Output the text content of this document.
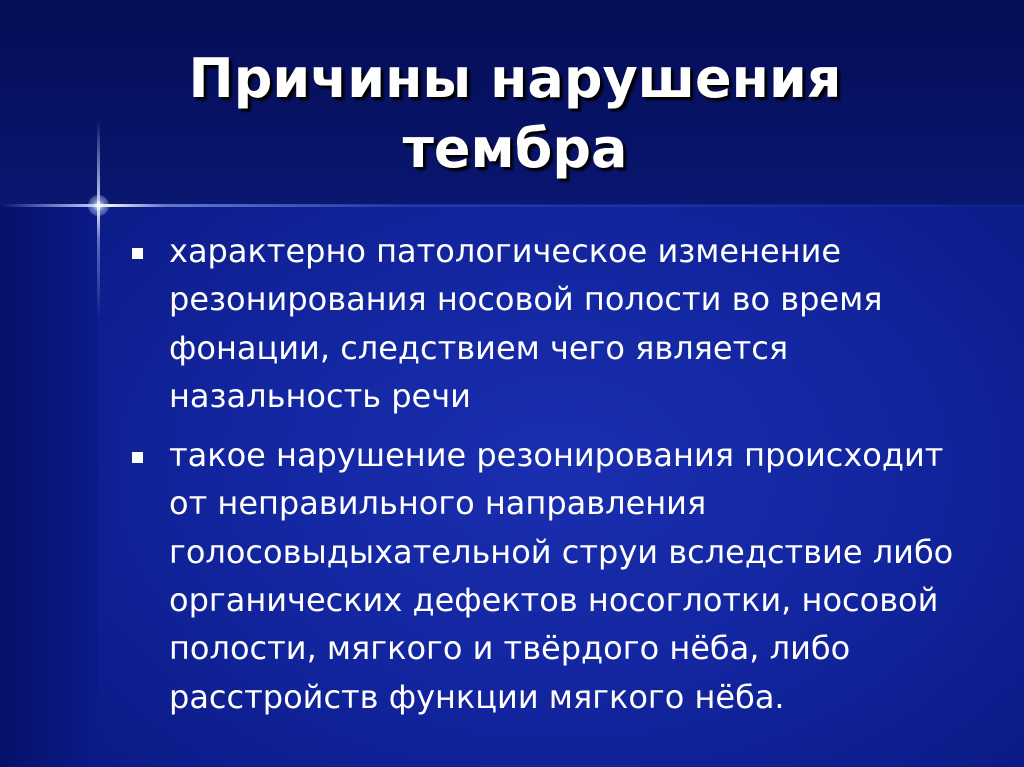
Причины нарушения тембра
характерно патологическое изменение резонирования носовой полости во время фонации, следствием чего является назальность речи
такое нарушение резонирования происходит от неправильного направления голосовыдыхательной струи вследствие либо органических дефектов носоглотки, носовой полости, мягкого и твёрдого нёба, либо расстройств функции мягкого нёба.
